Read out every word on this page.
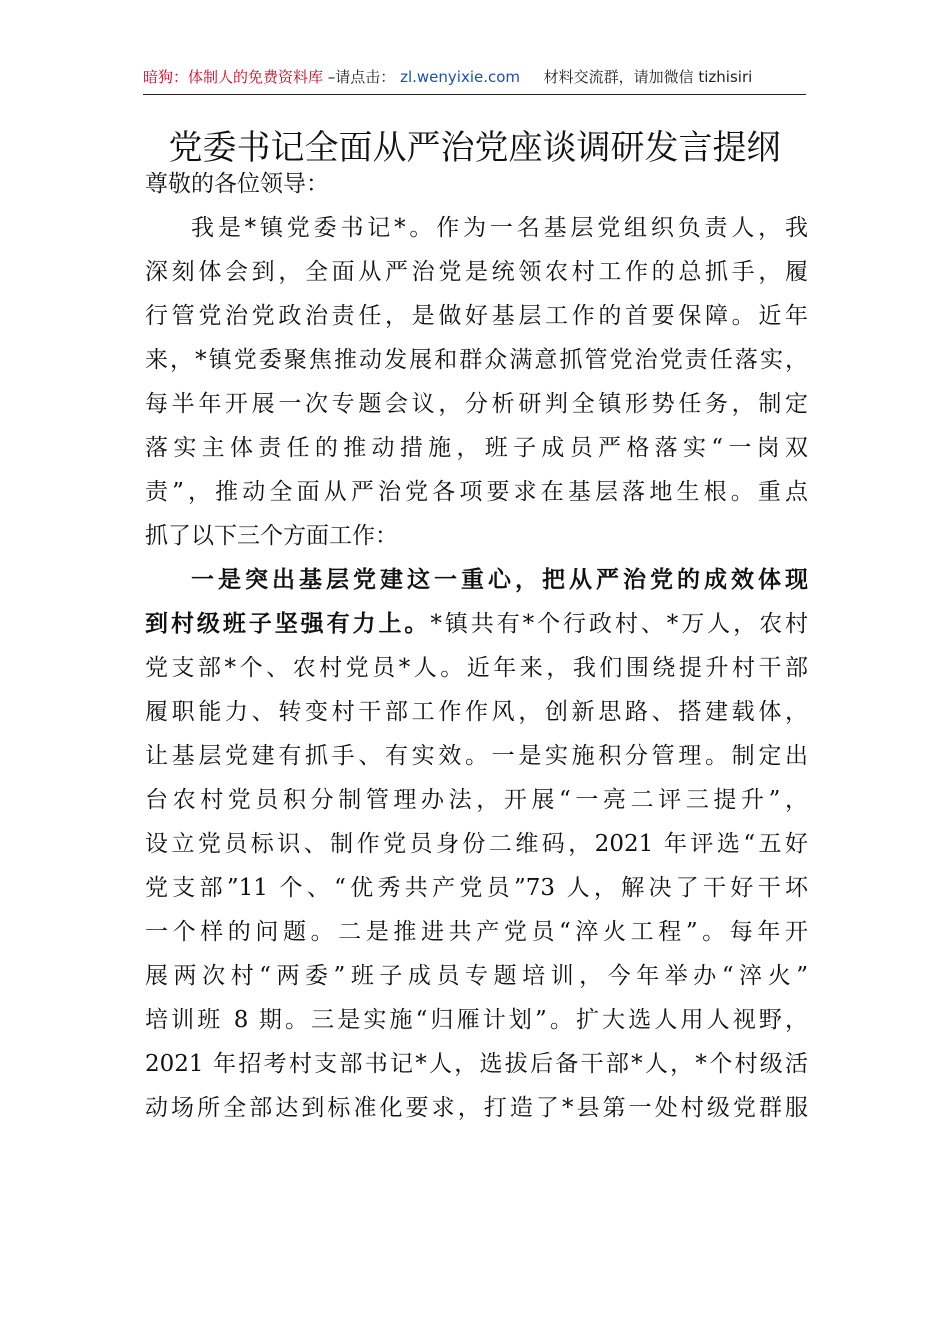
暗狗：体制人的免费资料库 –请点击： zl.wenyixie.com 材料交流群，请加微信 tizhisiri
党委书记全面从严治党座谈调研发言提纲
尊敬的各位领导：
我是*镇党委书记*。作为一名基层党组织负责人，我
深刻体会到，全面从严治党是统领农村工作的总抓手，履
行管党治党政治责任，是做好基层工作的首要保障。近年
来，*镇党委聚焦推动发展和群众满意抓管党治党责任落实，
每半年开展一次专题会议，分析研判全镇形势任务，制定
落实主体责任的推动措施，班子成员严格落实“一岗双
责”，推动全面从严治党各项要求在基层落地生根。重点
抓了以下三个方面工作：
一是突出基层党建这一重心，把从严治党的成效体现
到村级班子坚强有力上。*镇共有*个行政村、*万人，农村
党支部*个、农村党员*人。近年来，我们围绕提升村干部
履职能力、转变村干部工作作风，创新思路、搭建载体，
让基层党建有抓手、有实效。一是实施积分管理。制定出
台农村党员积分制管理办法，开展“一亮二评三提升”，
设立党员标识、制作党员身份二维码，2021 年评选“五好
党支部”11 个、“优秀共产党员”73 人，解决了干好干坏
一个样的问题。二是推进共产党员“淬火工程”。每年开
展两次村“两委”班子成员专题培训，今年举办“淬火”
培训班 8 期。三是实施“归雁计划”。扩大选人用人视野，
2021 年招考村支部书记*人，选拔后备干部*人，*个村级活
动场所全部达到标准化要求，打造了*县第一处村级党群服
